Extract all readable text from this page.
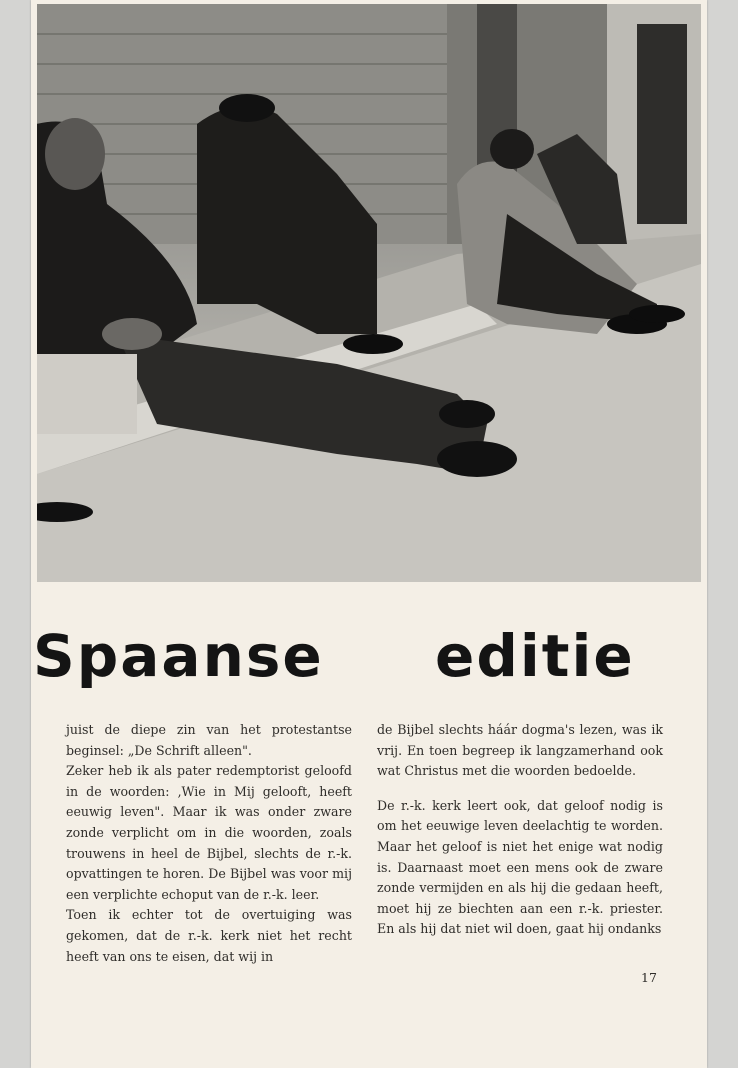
Spaanse editie

juist de diepe zin van het protestantse beginsel: „De Schrift alleen".

Zeker heb ik als pater redemptorist geloofd in de woorden: ‚Wie in Mij gelooft, heeft eeuwig leven". Maar ik was onder zware zonde verplicht om in die woorden, zoals trouwens in heel de Bijbel, slechts de r.-k. opvattingen te horen. De Bijbel was voor mij een verplichte echoput van de r.-k. leer.

Toen ik echter tot de overtuiging was gekomen, dat de r.-k. kerk niet het recht heeft van ons te eisen, dat wij in

de Bijbel slechts háár dogma's lezen, was ik vrij. En toen begreep ik langzamerhand ook wat Christus met die woorden bedoelde.

De r.-k. kerk leert ook, dat geloof nodig is om het eeuwige leven deelachtig te worden. Maar het geloof is niet het enige wat nodig is. Daarnaast moet een mens ook de zware zonde vermijden en als hij die gedaan heeft, moet hij ze biechten aan een r.-k. priester. En als hij dat niet wil doen, gaat hij ondanks

17
